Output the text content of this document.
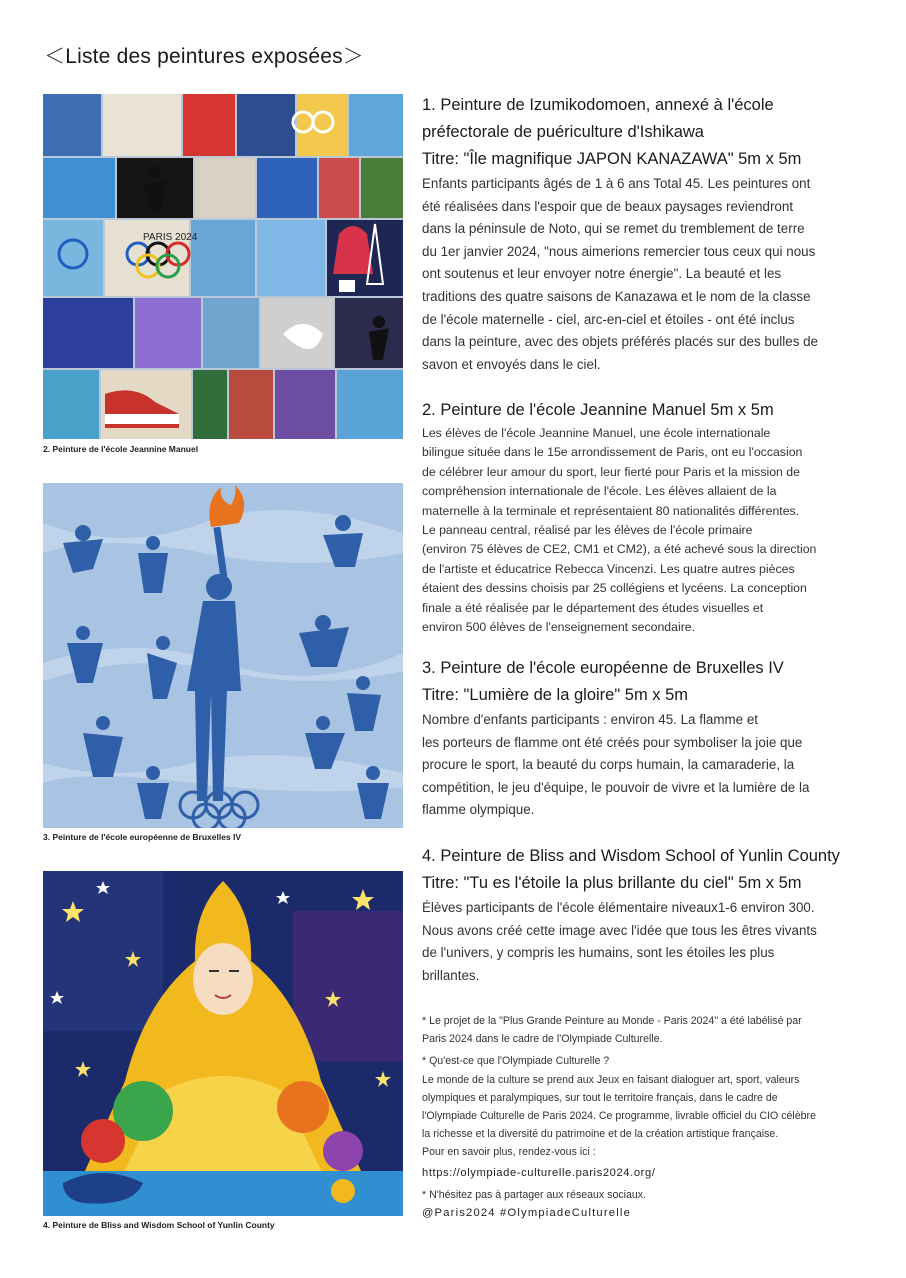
＜Liste des peintures exposées＞
PARIS 2024
2. Peinture de l'école Jeannine Manuel
3. Peinture de l'école européenne de Bruxelles IV
4. Peinture de Bliss and Wisdom School of Yunlin County

1. Peinture de Izumikodomoen, annexé à l'école

préfectorale de puériculture d'Ishikawa

Titre: "Île magnifique JAPON KANAZAWA" 5m x 5m

Enfants participants âgés de 1 à 6 ans Total 45. Les peintures ont

été réalisées dans l'espoir que de beaux paysages reviendront

dans la péninsule de Noto, qui se remet du tremblement de terre

du 1er janvier 2024, "nous aimerions remercier tous ceux qui nous

ont soutenus et leur envoyer notre énergie". La beauté et les

traditions des quatre saisons de Kanazawa et le nom de la classe

de l'école maternelle - ciel, arc-en-ciel et étoiles - ont été inclus

dans la peinture, avec des objets préférés placés sur des bulles de

savon et envoyés dans le ciel.

2. Peinture de l'école Jeannine Manuel 5m x 5m

Les élèves de l'école Jeannine Manuel, une école internationale

bilingue située dans le 15e arrondissement de Paris, ont eu l'occasion

de célébrer leur amour du sport, leur fierté pour Paris et la mission de

compréhension internationale de l'école. Les élèves allaient de la

maternelle à la terminale et représentaient 80 nationalités différentes.

Le panneau central, réalisé par les élèves de l'école primaire

(environ 75 élèves de CE2, CM1 et CM2), a été achevé sous la direction

de l'artiste et éducatrice Rebecca Vincenzi. Les quatre autres pièces

étaient des dessins choisis par 25 collégiens et lycéens. La conception

finale a été réalisée par le département des études visuelles et

environ 500 élèves de l'enseignement secondaire.

3. Peinture de l'école européenne de Bruxelles IV

Titre: "Lumière de la gloire" 5m x 5m

Nombre d'enfants participants : environ 45. La flamme et

les porteurs de flamme ont été créés pour symboliser la joie que

procure le sport, la beauté du corps humain, la camaraderie, la

compétition, le jeu d'équipe, le pouvoir de vivre et la lumière de la

flamme olympique.

4. Peinture de Bliss and Wisdom School of Yunlin County

Titre: "Tu es l'étoile la plus brillante du ciel" 5m x 5m

Élèves participants de l'école élémentaire niveaux1-6 environ 300.

Nous avons créé cette image avec l'idée que tous les êtres vivants

de l'univers, y compris les humains, sont les étoiles les plus

brillantes.

* Le projet de la "Plus Grande Peinture au Monde - Paris 2024" a été labélisé par

Paris 2024 dans le cadre de l'Olympiade Culturelle.

* Qu'est-ce que l'Olympiade Culturelle ?

Le monde de la culture se prend aux Jeux en faisant dialoguer art, sport, valeurs

olympiques et paralympiques, sur tout le territoire français, dans le cadre de

l'Olympiade Culturelle de Paris 2024. Ce programme, livrable officiel du CIO célèbre

la richesse et la diversité du patrimoine et de la création artistique française.

Pour en savoir plus, rendez-vous ici :

https://olympiade-culturelle.paris2024.org/

* N'hésitez pas à partager aux réseaux sociaux.

@Paris2024 #OlympiadeCulturelle
